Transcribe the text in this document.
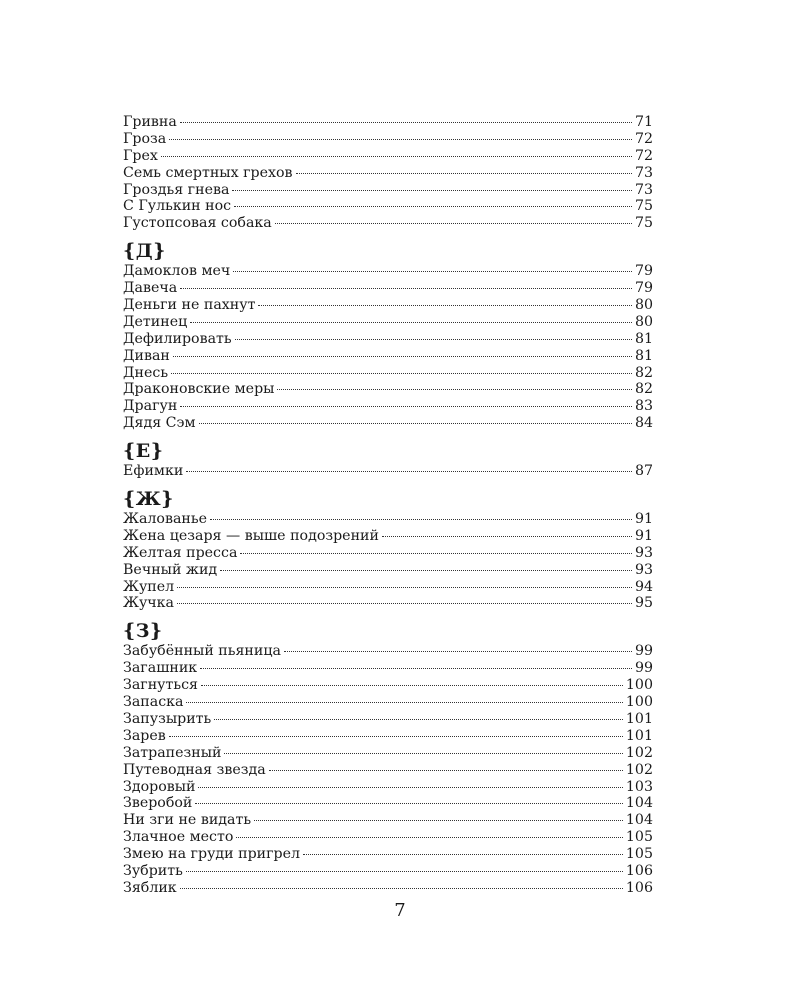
Гривна	71
Гроза	72
Грех	72
Семь смертных грехов	73
Гроздья гнева	73
С Гулькин нос	75
Густопсовая собака	75
{Д}
Дамоклов меч	79
Давеча	79
Деньги не пахнут	80
Детинец	80
Дефилировать	81
Диван	81
Днесь	82
Драконовские меры	82
Драгун	83
Дядя Сэм	84
{Е}
Ефимки	87
{Ж}
Жалованье	91
Жена цезаря — выше подозрений	91
Желтая пресса	93
Вечный жид	93
Жупел	94
Жучка	95
{З}
Забубённый пьяница	99
Загашник	99
Загнуться	100
Запаска	100
Запузырить	101
Зарев	101
Затрапезный	102
Путеводная звезда	102
Здоровый	103
Зверобой	104
Ни зги не видать	104
Злачное место	105
Змею на груди пригрел	105
Зубрить	106
Зяблик	106
7
